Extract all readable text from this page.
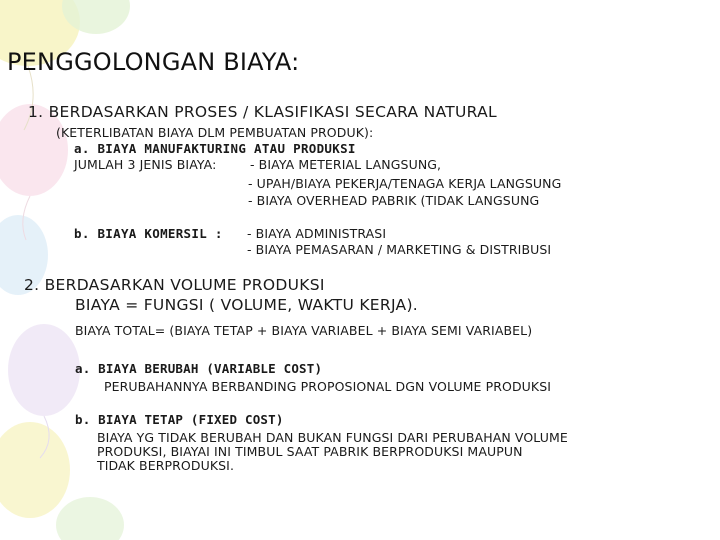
PENGGOLONGAN BIAYA:
1. BERDASARKAN PROSES / KLASIFIKASI SECARA NATURAL
(KETERLIBATAN BIAYA DLM PEMBUATAN PRODUK):
a. BIAYA MANUFAKTURING ATAU PRODUKSI
JUMLAH 3 JENIS BIAYA:	- BIAYA METERIAL LANGSUNG,
- UPAH/BIAYA PEKERJA/TENAGA KERJA LANGSUNG
- BIAYA OVERHEAD PABRIK (TIDAK LANGSUNG
b. BIAYA KOMERSIL : - BIAYA ADMINISTRASI
- BIAYA PEMASARAN / MARKETING & DISTRIBUSI
2. BERDASARKAN VOLUME PRODUKSI
BIAYA = FUNGSI ( VOLUME, WAKTU KERJA).
BIAYA TOTAL= (BIAYA TETAP + BIAYA VARIABEL + BIAYA SEMI VARIABEL)
a. BIAYA BERUBAH (VARIABLE COST)
PERUBAHANNYA BERBANDING PROPOSIONAL DGN VOLUME PRODUKSI
b. BIAYA TETAP (FIXED COST)
BIAYA YG TIDAK BERUBAH DAN BUKAN FUNGSI DARI PERUBAHAN VOLUME
PRODUKSI, BIAYAI INI TIMBUL SAAT PABRIK BERPRODUKSI MAUPUN
TIDAK BERPRODUKSI.
